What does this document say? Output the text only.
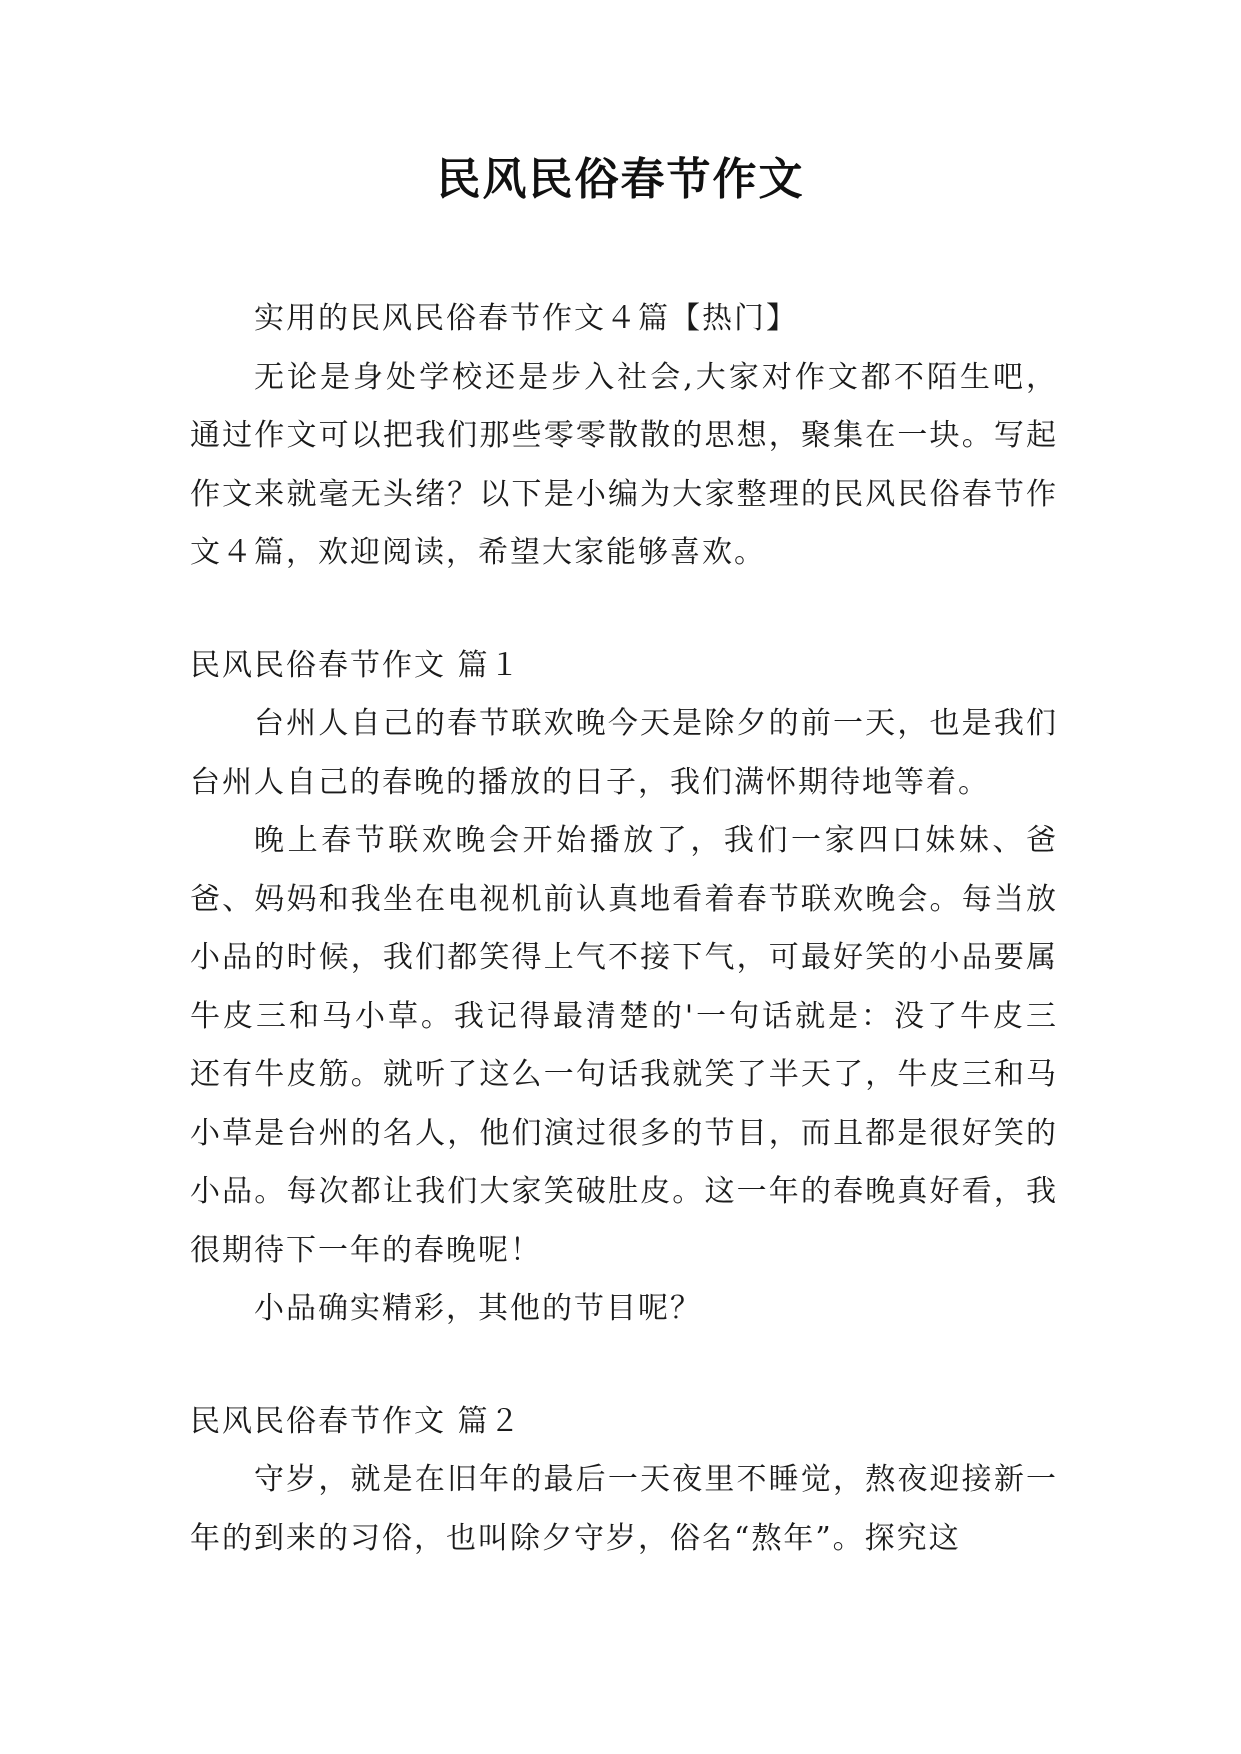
民风民俗春节作文

实用的民风民俗春节作文４篇【热门】

无论是身处学校还是步入社会,大家对作文都不陌生吧，通过作文可以把我们那些零零散散的思想，聚集在一块。写起作文来就毫无头绪？以下是小编为大家整理的民风民俗春节作文４篇，欢迎阅读，希望大家能够喜欢。

民风民俗春节作文 篇１

台州人自己的春节联欢晚今天是除夕的前一天，也是我们台州人自己的春晚的播放的日子，我们满怀期待地等着。

晚上春节联欢晚会开始播放了，我们一家四口妹妹、爸爸、妈妈和我坐在电视机前认真地看着春节联欢晚会。每当放小品的时候，我们都笑得上气不接下气，可最好笑的小品要属牛皮三和马小草。我记得最清楚的'一句话就是：没了牛皮三还有牛皮筋。就听了这么一句话我就笑了半天了，牛皮三和马小草是台州的名人，他们演过很多的节目，而且都是很好笑的小品。每次都让我们大家笑破肚皮。这一年的春晚真好看，我很期待下一年的春晚呢！

小品确实精彩，其他的节目呢？

民风民俗春节作文 篇２

守岁，就是在旧年的最后一天夜里不睡觉，熬夜迎接新一年的到来的习俗，也叫除夕守岁，俗名“熬年”。探究这
